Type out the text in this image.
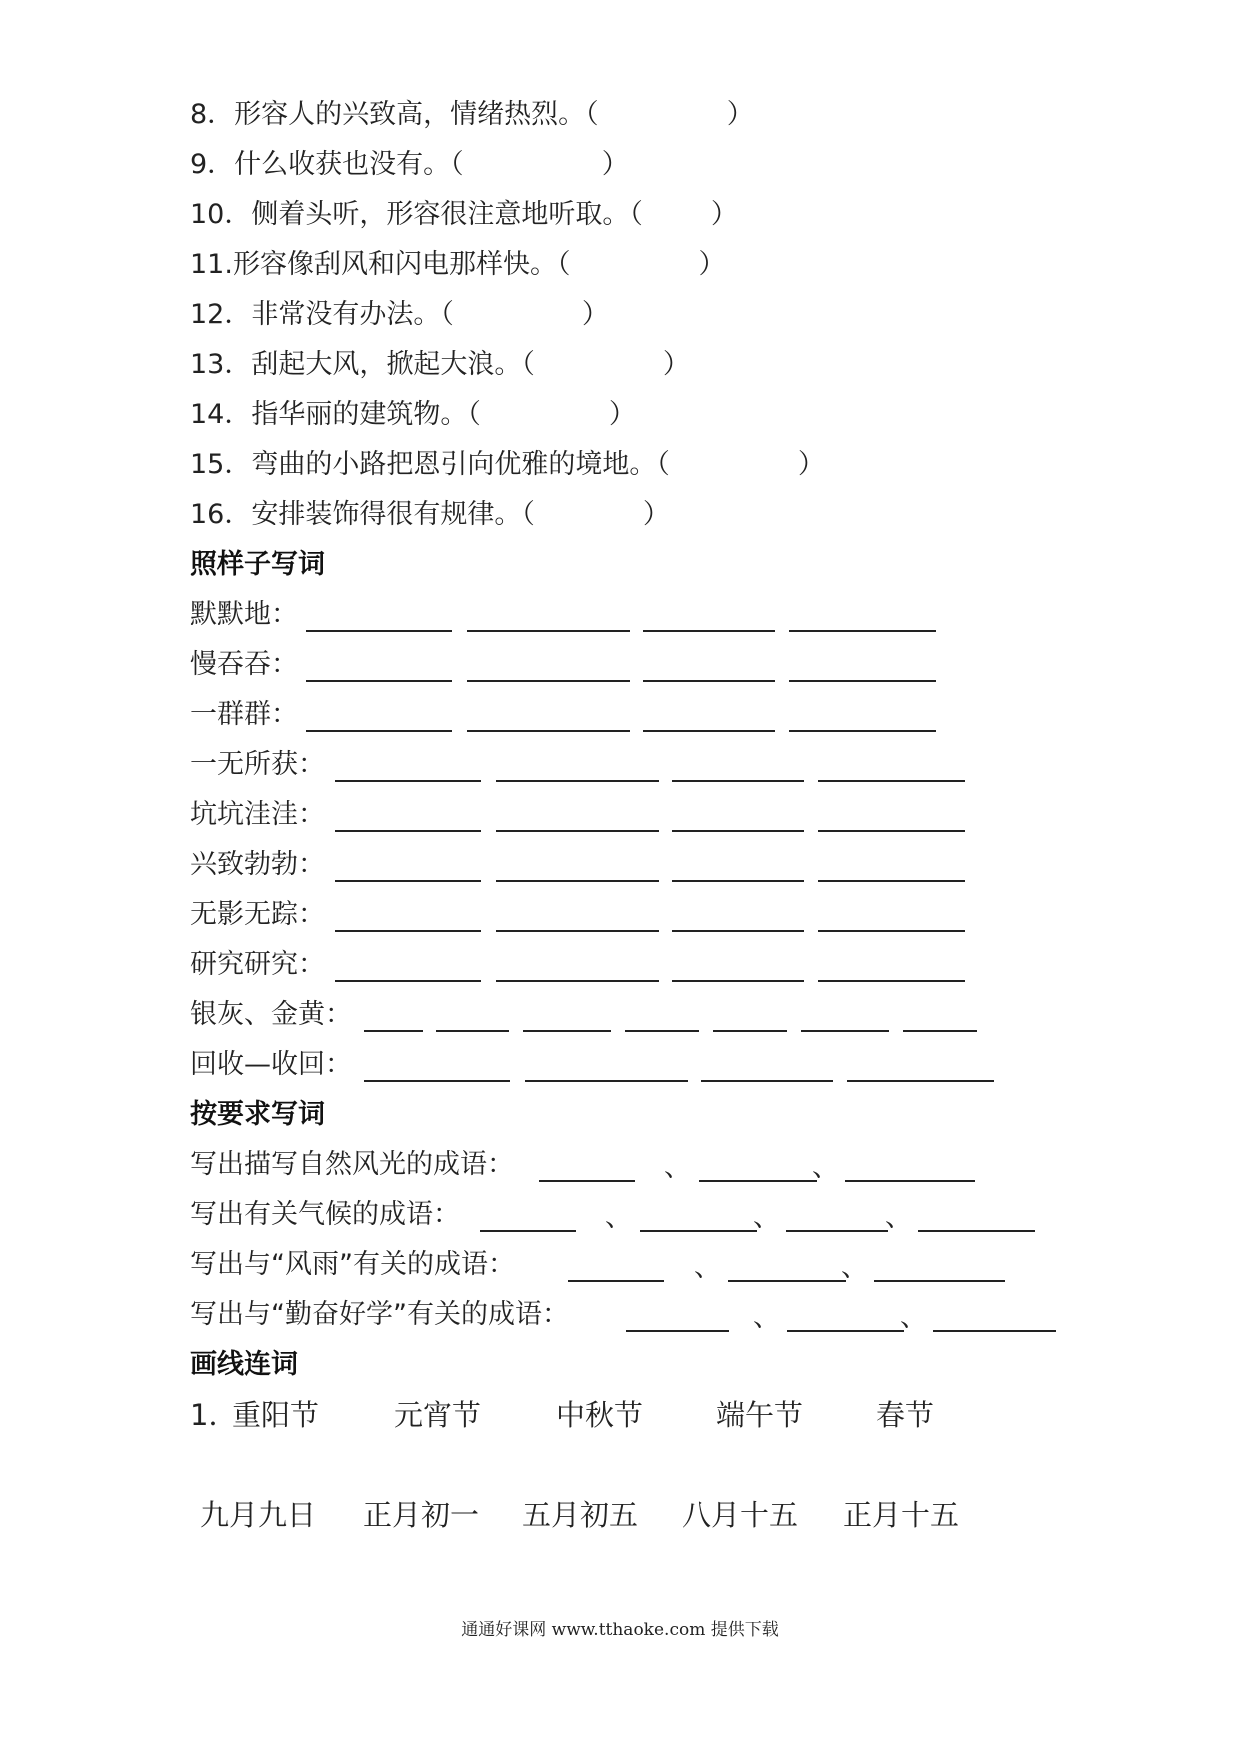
8．形容人的兴致高，情绪热烈。（	）
9．什么收获也没有。（	）
10．侧着头听，形容很注意地听取。（	）
11.形容像刮风和闪电那样快。（	）
12．非常没有办法。（	）
13．刮起大风，掀起大浪。（	）
14．指华丽的建筑物。（	）
15．弯曲的小路把恩引向优雅的境地。（	）
16．安排装饰得很有规律。（	）
照样子写词
默默地：
慢吞吞：
一群群：
一无所获：
坑坑洼洼：
兴致勃勃：
无影无踪：
研究研究：
银灰、金黄：
回收—收回：
按要求写词
写出描写自然风光的成语：	、	、
写出有关气候的成语：	、	、	、
写出与“风雨”有关的成语：	、	、
写出与“勤奋好学”有关的成语：	、	、
画线连词
1．
重阳节	元宵节	中秋节	端午节	春节
九月九日 正月初一 五月初五 八月十五 正月十五
通通好课网 www.tthaoke.com 提供下载
